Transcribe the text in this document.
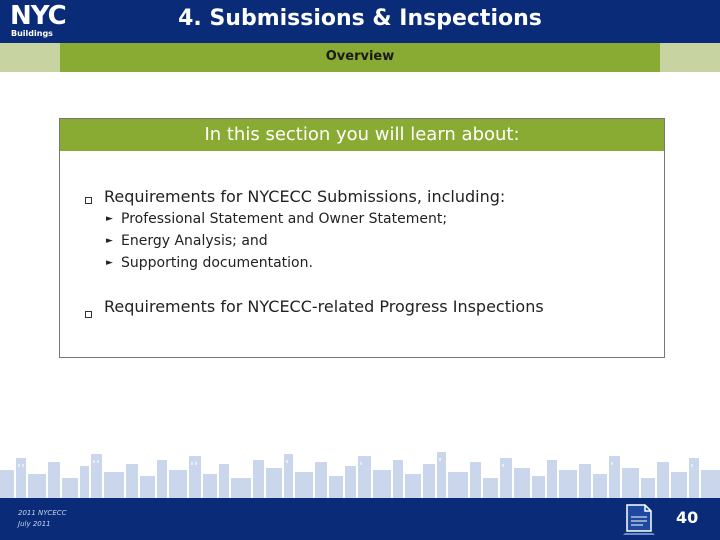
NYC
Buildings
4. Submissions & Inspections
Overview
In this section you will learn about:
Requirements for NYCECC Submissions, including:
► Professional Statement and Owner Statement;
► Energy Analysis; and
► Supporting documentation.
Requirements for NYCECC-related Progress Inspections
2011 NYCECC
July 2011	40
